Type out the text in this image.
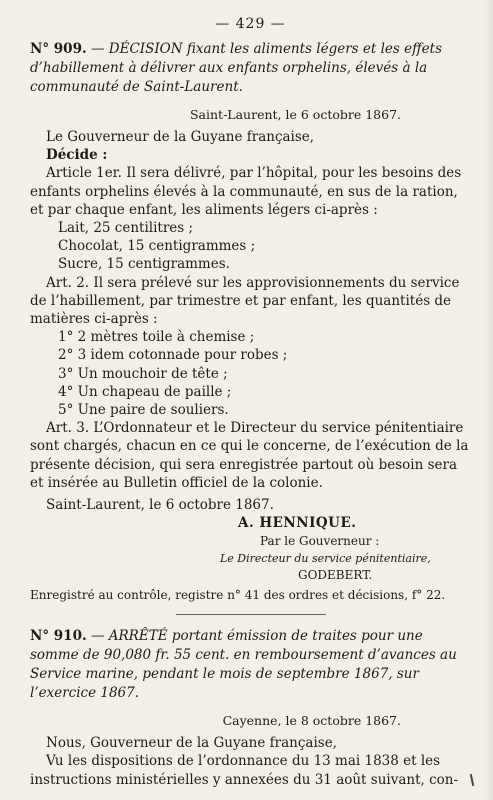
— 429 —
N° 909. — DÉCISION fixant les aliments légers et les effets d’habillement à délivrer aux enfants orphelins, élevés à la communauté de Saint-Laurent.
Saint-Laurent, le 6 octobre 1867.

Le Gouverneur de la Guyane française,

Décide :

Article 1er. Il sera délivré, par l’hôpital, pour les besoins des enfants orphelins élevés à la communauté, en sus de la ration, et par chaque enfant, les aliments légers ci-après :

Lait, 25 centilitres ;
Chocolat, 15 centigrammes ;
Sucre, 15 centigrammes.

Art. 2. Il sera prélevé sur les approvisionnements du service de l’habillement, par trimestre et par enfant, les quantités de matières ci-après :

1° 2 mètres toile à chemise ;
2° 3 idem cotonnade pour robes ;
3° Un mouchoir de tête ;
4° Un chapeau de paille ;
5° Une paire de souliers.

Art. 3. L’Ordonnateur et le Directeur du service pénitentiaire sont chargés, chacun en ce qui le concerne, de l’exécution de la présente décision, qui sera enregistrée partout où besoin sera et insérée au Bulletin officiel de la colonie.

Saint-Laurent, le 6 octobre 1867.

A. HENNIQUE.
Par le Gouverneur :
Le Directeur du service pénitentiaire,
GODEBERT.
Enregistré au contrôle, registre n° 41 des ordres et décisions, f° 22.
N° 910. — ARRÊTÉ portant émission de traites pour une somme de 90,080 fr. 55 cent. en remboursement d’avances au Service marine, pendant le mois de septembre 1867, sur l’exercice 1867.
Cayenne, le 8 octobre 1867.

Nous, Gouverneur de la Guyane française,

Vu les dispositions de l’ordonnance du 13 mai 1838 et les instructions ministérielles y annexées du 31 août suivant, con-
